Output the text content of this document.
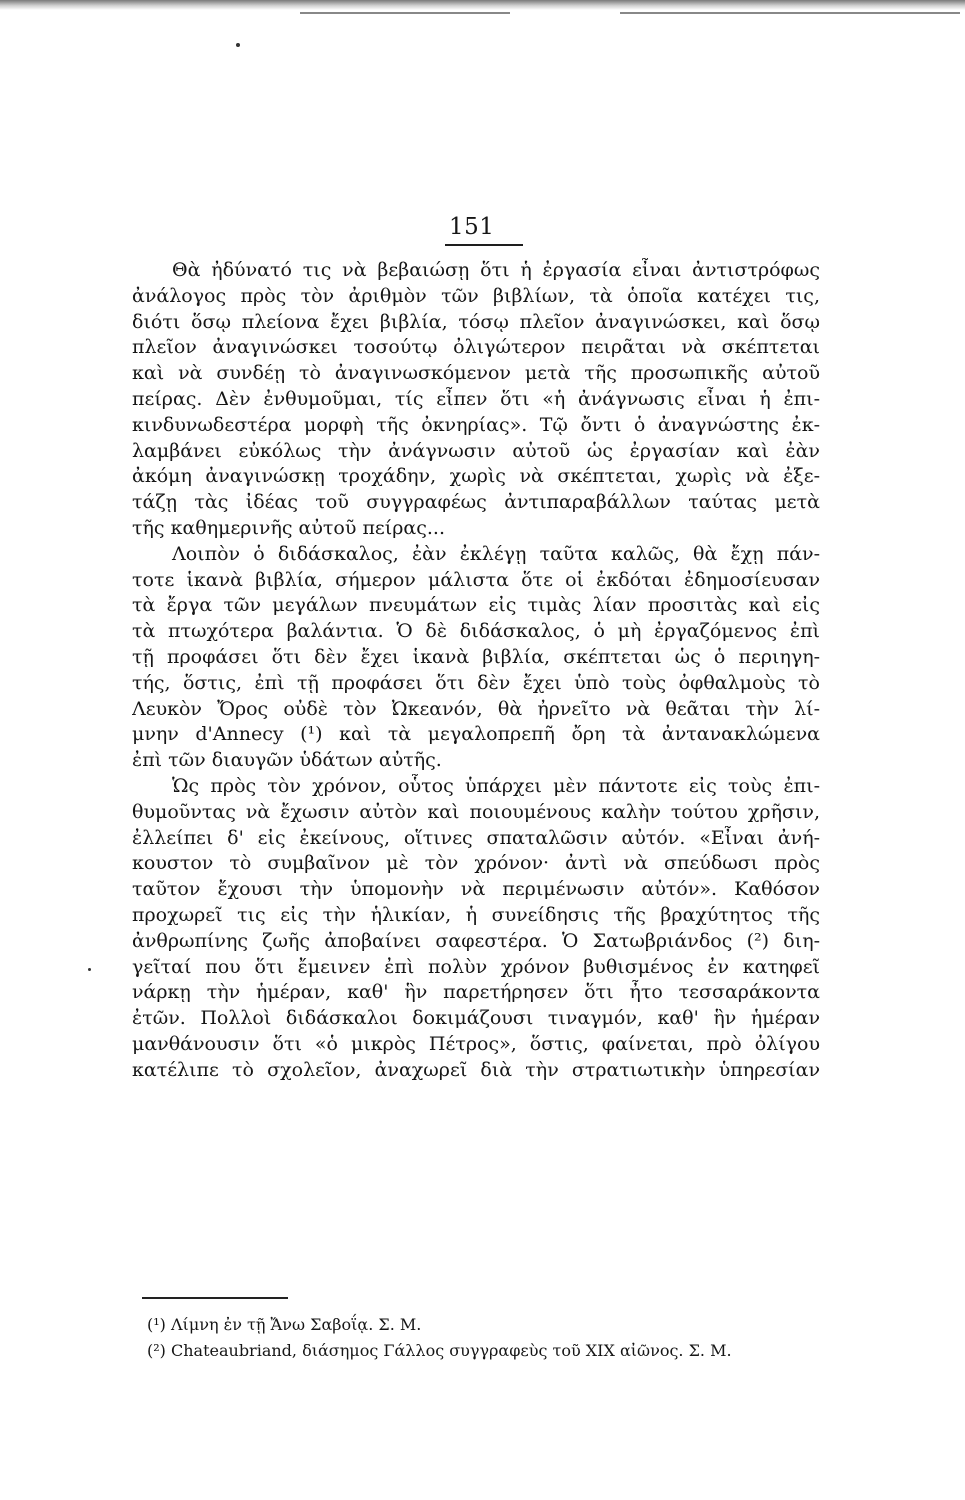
151
Θὰ ἠδύνατό τις νὰ βεβαιώσῃ ὅτι ἡ ἐργασία εἶναι ἀντιστρόφως
ἀνάλογος πρὸς τὸν ἀριθμὸν τῶν βιβλίων, τὰ ὁποῖα κατέχει τις,
διότι ὅσῳ πλείονα ἔχει βιβλία, τόσῳ πλεῖον ἀναγινώσκει, καὶ ὅσῳ
πλεῖον ἀναγινώσκει τοσούτῳ ὀλιγώτερον πειρᾶται νὰ σκέπτεται
καὶ νὰ συνδέῃ τὸ ἀναγινωσκόμενον μετὰ τῆς προσωπικῆς αὐτοῦ
πείρας. Δὲν ἐνθυμοῦμαι, τίς εἶπεν ὅτι «ἡ ἀνάγνωσις εἶναι ἡ ἐπι-
κινδυνωδεστέρα μορφὴ τῆς ὀκνηρίας». Τῷ ὄντι ὁ ἀναγνώστης ἐκ-
λαμβάνει εὐκόλως τὴν ἀνάγνωσιν αὐτοῦ ὡς ἐργασίαν καὶ ἐὰν
ἀκόμη ἀναγινώσκῃ τροχάδην, χωρὶς νὰ σκέπτεται, χωρὶς νὰ ἐξε-
τάζῃ τὰς ἰδέας τοῦ συγγραφέως ἀντιπαραβάλλων ταύτας μετὰ
τῆς καθημερινῆς αὐτοῦ πείρας...
Λοιπὸν ὁ διδάσκαλος, ἐὰν ἐκλέγῃ ταῦτα καλῶς, θὰ ἔχῃ πάν-
τοτε ἱκανὰ βιβλία, σήμερον μάλιστα ὅτε οἱ ἐκδόται ἐδημοσίευσαν
τὰ ἔργα τῶν μεγάλων πνευμάτων εἰς τιμὰς λίαν προσιτὰς καὶ εἰς
τὰ πτωχότερα βαλάντια. Ὁ δὲ διδάσκαλος, ὁ μὴ ἐργαζόμενος ἐπὶ
τῇ προφάσει ὅτι δὲν ἔχει ἱκανὰ βιβλία, σκέπτεται ὡς ὁ περιηγη-
τής, ὅστις, ἐπὶ τῇ προφάσει ὅτι δὲν ἔχει ὑπὸ τοὺς ὀφθαλμοὺς τὸ
Λευκὸν Ὄρος οὐδὲ τὸν Ὠκεανόν, θὰ ἠρνεῖτο νὰ θεᾶται τὴν λί-
μνην d'Annecy (¹) καὶ τὰ μεγαλοπρεπῆ ὄρη τὰ ἀντανακλώμενα
ἐπὶ τῶν διαυγῶν ὑδάτων αὐτῆς.
Ὡς πρὸς τὸν χρόνον, οὗτος ὑπάρχει μὲν πάντοτε εἰς τοὺς ἐπι-
θυμοῦντας νὰ ἔχωσιν αὐτὸν καὶ ποιουμένους καλὴν τούτου χρῆσιν,
ἐλλείπει δ' εἰς ἐκείνους, οἵτινες σπαταλῶσιν αὐτόν. «Εἶναι ἀνή-
κουστον τὸ συμβαῖνον μὲ τὸν χρόνον· ἀντὶ νὰ σπεύδωσι πρὸς
ταῦτον ἔχουσι τὴν ὑπομονὴν νὰ περιμένωσιν αὐτόν». Καθόσον
προχωρεῖ τις εἰς τὴν ἡλικίαν, ἡ συνείδησις τῆς βραχύτητος τῆς
ἀνθρωπίνης ζωῆς ἀποβαίνει σαφεστέρα. Ὁ Σατωβριάνδος (²) διη-
γεῖταί που ὅτι ἔμεινεν ἐπὶ πολὺν χρόνον βυθισμένος ἐν κατηφεῖ
νάρκῃ τὴν ἡμέραν, καθ' ἣν παρετήρησεν ὅτι ἦτο τεσσαράκοντα
ἐτῶν. Πολλοὶ διδάσκαλοι δοκιμάζουσι τιναγμόν, καθ' ἣν ἡμέραν
μανθάνουσιν ὅτι «ὁ μικρὸς Πέτρος», ὅστις, φαίνεται, πρὸ ὀλίγου
κατέλιπε τὸ σχολεῖον, ἀναχωρεῖ διὰ τὴν στρατιωτικὴν ὑπηρεσίαν
(¹) Λίμνη ἐν τῇ Ἄνω Σαβοΐᾳ. Σ. Μ.
(²) Chateaubriand, διάσημος Γάλλος συγγραφεὺς τοῦ XIX αἰῶνος. Σ. Μ.
